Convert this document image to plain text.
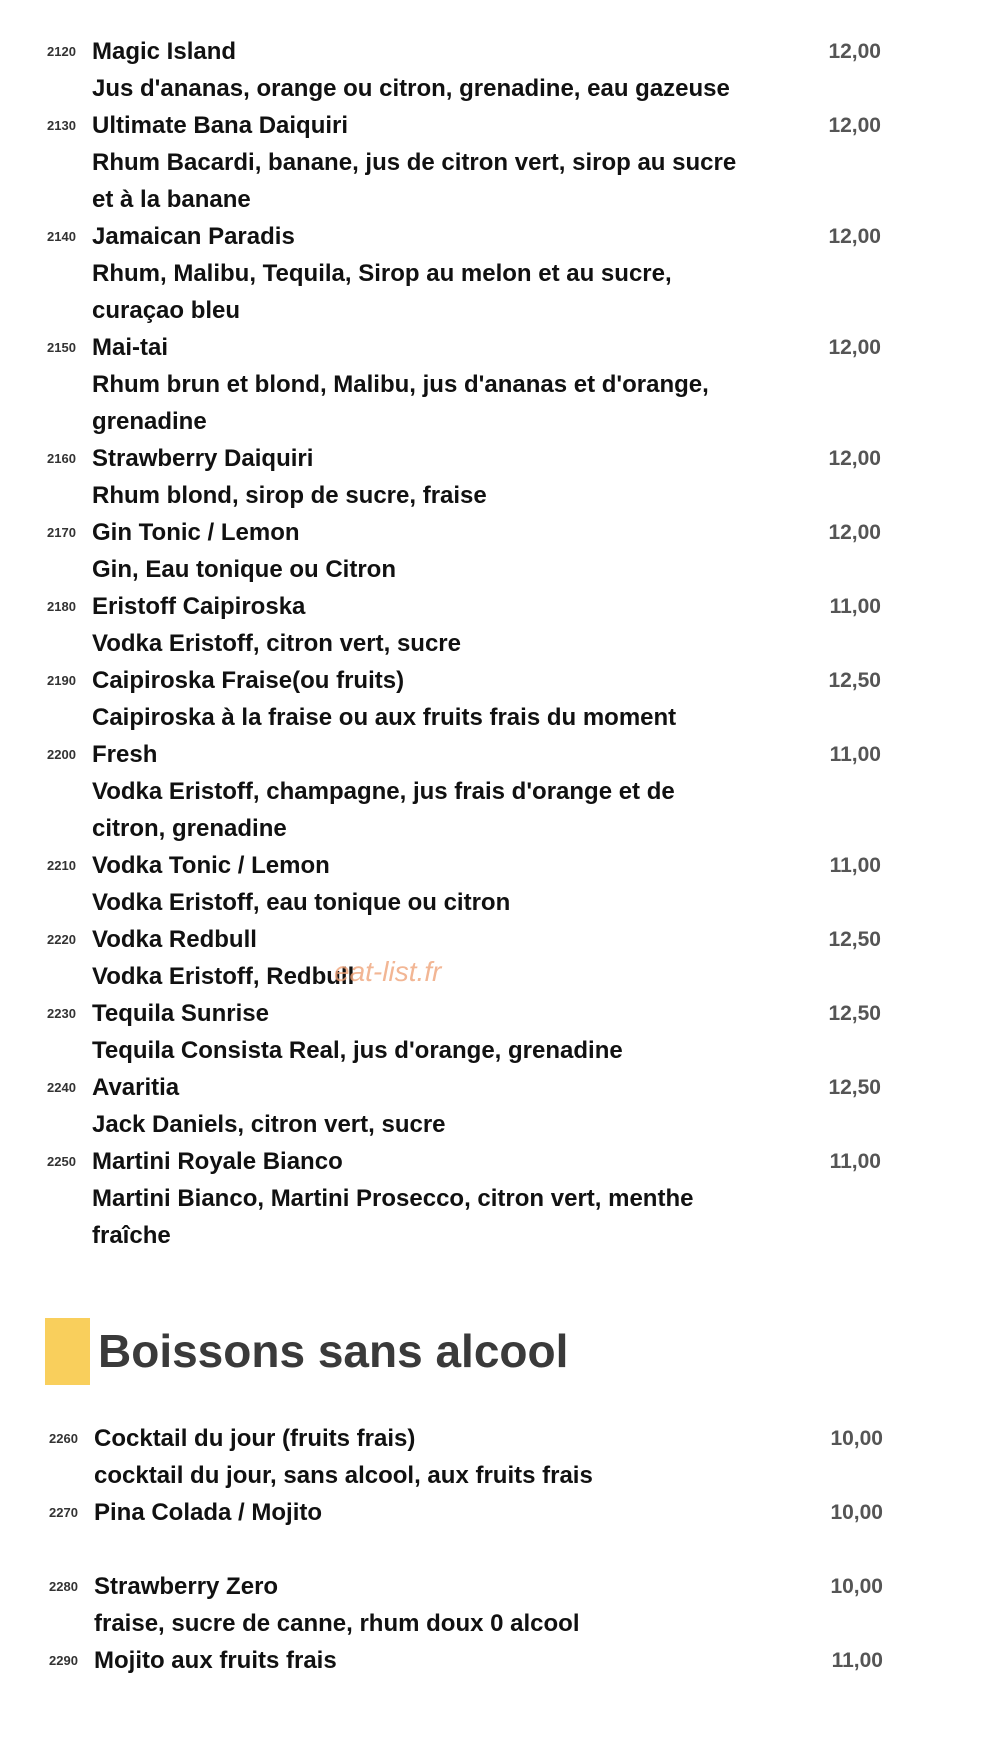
2120 Magic Island	12,00
Jus d'ananas, orange ou citron, grenadine, eau gazeuse
2130 Ultimate Bana Daiquiri	12,00
Rhum Bacardi, banane, jus de citron vert, sirop au sucre et à la banane
2140 Jamaican Paradis	12,00
Rhum, Malibu, Tequila, Sirop au melon et au sucre, curaçao bleu
2150 Mai-tai	12,00
Rhum brun et blond, Malibu, jus d'ananas et d'orange, grenadine
2160 Strawberry Daiquiri	12,00
Rhum blond, sirop de sucre, fraise
2170 Gin Tonic / Lemon	12,00
Gin, Eau tonique ou Citron
2180 Eristoff Caipiroska	11,00
Vodka Eristoff, citron vert, sucre
2190 Caipiroska Fraise(ou fruits)	12,50
Caipiroska à la fraise ou aux fruits frais du moment
2200 Fresh	11,00
Vodka Eristoff, champagne, jus frais d'orange et de citron, grenadine
2210 Vodka Tonic / Lemon	11,00
Vodka Eristoff, eau tonique ou citron
2220 Vodka Redbull	12,50
Vodka Eristoff, Redbull
2230 Tequila Sunrise	12,50
Tequila Consista Real, jus d'orange, grenadine
2240 Avaritia	12,50
Jack Daniels, citron vert, sucre
2250 Martini Royale Bianco	11,00
Martini Bianco, Martini Prosecco, citron vert, menthe fraîche
Boissons sans alcool
2260 Cocktail du jour (fruits frais)	10,00
cocktail du jour, sans alcool, aux fruits frais
2270 Pina Colada / Mojito	10,00
2280 Strawberry Zero	10,00
fraise, sucre de canne, rhum doux 0 alcool
2290 Mojito aux fruits frais	11,00
eat-list.fr
